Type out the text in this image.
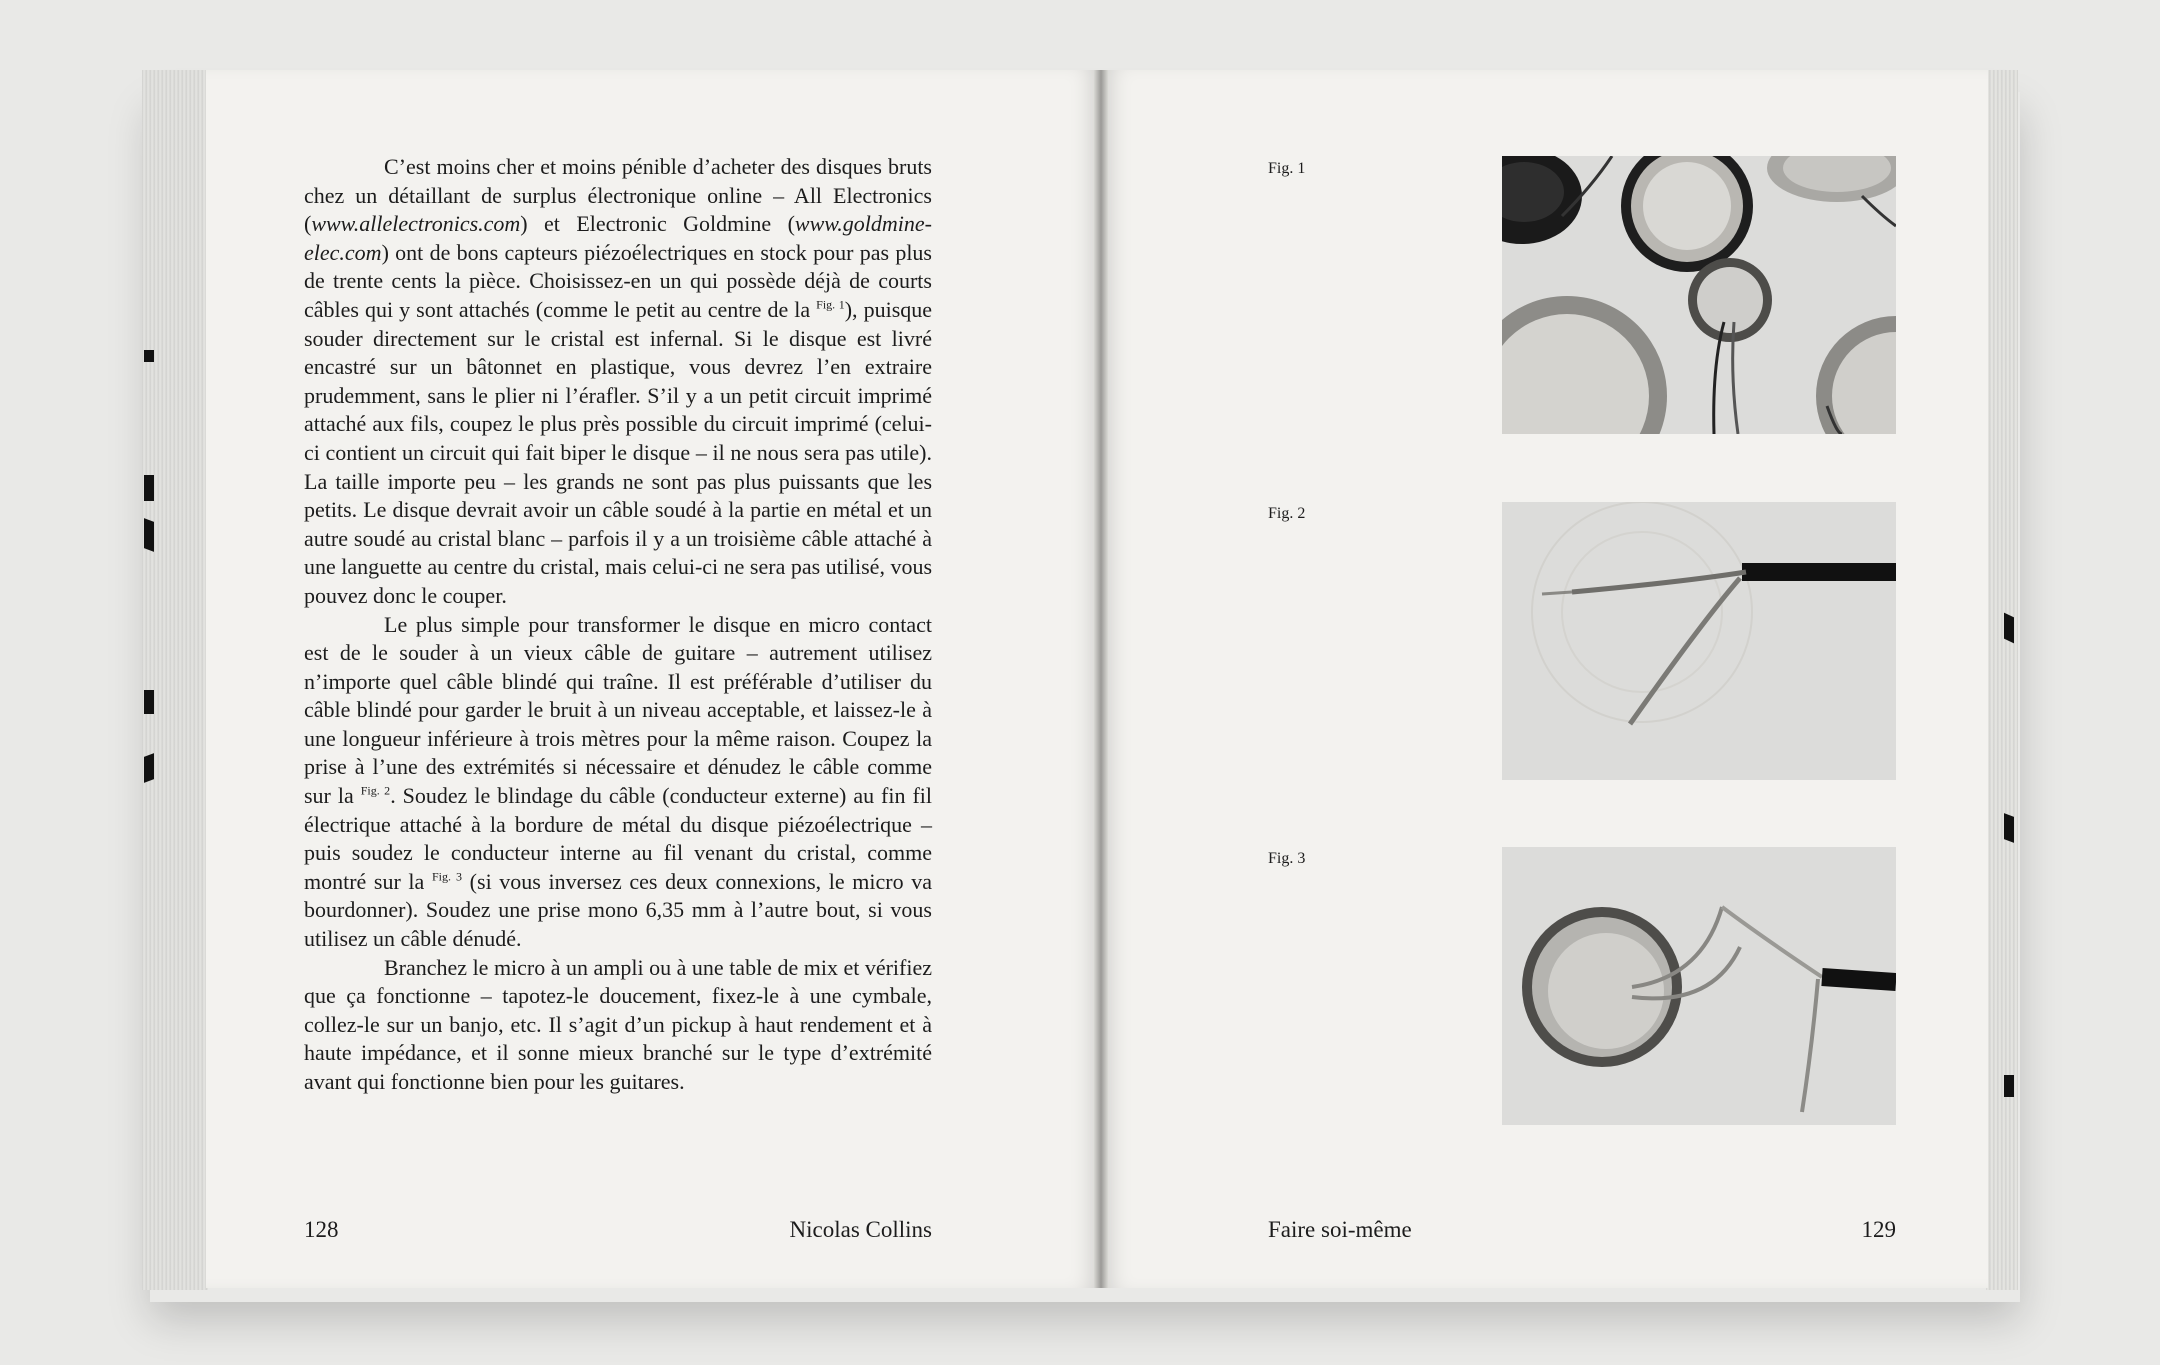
C’est moins cher et moins pénible d’acheter des disques bruts chez un détaillant de surplus électronique online – All Electronics (www.allelectronics.com) et Electronic Goldmine (www.goldmine-elec.com) ont de bons capteurs piézoélectriques en stock pour pas plus de trente cents la pièce. Choisissez-en un qui possède déjà de courts câbles qui y sont attachés (comme le petit au centre de la $^{Fig. 1}$), puisque souder directement sur le cristal est infernal. Si le disque est livré encastré sur un bâtonnet en plastique, vous devrez l’en extraire prudemment, sans le plier ni l’érafler. S’il y a un petit circuit imprimé attaché aux fils, coupez le plus près possible du circuit imprimé (celui-ci contient un circuit qui fait biper le disque – il ne nous sera pas utile). La taille importe peu – les grands ne sont pas plus puissants que les petits. Le disque devrait avoir un câble soudé à la partie en métal et un autre soudé au cristal blanc – parfois il y a un troisième câble attaché à une languette au centre du cristal, mais celui-ci ne sera pas utilisé, vous pouvez donc le couper.

Le plus simple pour transformer le disque en micro contact est de le souder à un vieux câble de guitare – autrement utilisez n’importe quel câble blindé qui traîne. Il est préférable d’utiliser du câble blindé pour garder le bruit à un niveau acceptable, et laissez-le à une longueur inférieure à trois mètres pour la même raison. Coupez la prise à l’une des extrémités si nécessaire et dénudez le câble comme sur la $^{Fig. 2}$. Soudez le blindage du câble (conducteur externe) au fin fil électrique attaché à la bordure de métal du disque piézoélectrique – puis soudez le conducteur interne au fil venant du cristal, comme montré sur la $^{Fig. 3}$ (si vous inversez ces deux connexions, le micro va bourdonner). Soudez une prise mono 6,35 mm à l’autre bout, si vous utilisez un câble dénudé.

Branchez le micro à un ampli ou à une table de mix et vérifiez que ça fonctionne – tapotez-le doucement, fixez-le à une cymbale, collez-le sur un banjo, etc. Il s’agit d’un pickup à haut rendement et à haute impédance, et il sonne mieux branché sur le type d’extrémité avant qui fonctionne bien pour les guitares.

128	Nicolas Collins
Fig. 1
Fig. 2
Fig. 3
Faire soi-même	129
